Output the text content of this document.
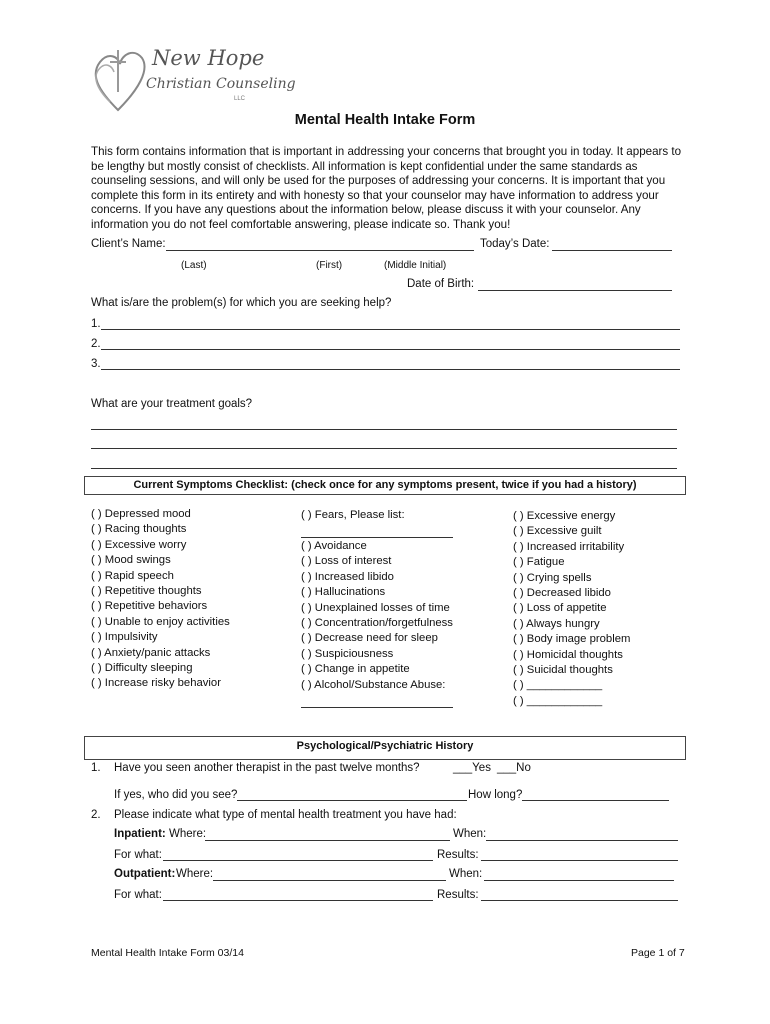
New Hope
Christian Counseling
LLC
Mental Health Intake Form
This form contains information that is important in addressing your concerns that brought you in today. It appears to be lengthy but mostly consist of checklists. All information is kept confidential under the same standards as counseling sessions, and will only be used for the purposes of addressing your concerns. It is important that you complete this form in its entirety and with honesty so that your counselor may have information to address your concerns. If you have any questions about the information below, please discuss it with your counselor. Any information you do not feel comfortable answering, please indicate so. Thank you!
Client’s Name:	Today’s Date:
(Last)	(First)	(Middle Initial)
Date of Birth:
What is/are the problem(s) for which you are seeking help?
1.
2.
3.
What are your treatment goals?
Current Symptoms Checklist: (check once for any symptoms present, twice if you had a history)
( ) Depressed mood
( ) Racing thoughts
( ) Excessive worry
( ) Mood swings
( ) Rapid speech
( ) Repetitive thoughts
( ) Repetitive behaviors
( ) Unable to enjoy activities
( ) Impulsivity
( ) Anxiety/panic attacks
( ) Difficulty sleeping
( ) Increase risky behavior
( ) Fears, Please list:
( ) Avoidance
( ) Loss of interest
( ) Increased libido
( ) Hallucinations
( ) Unexplained losses of time
( ) Concentration/forgetfulness
( ) Decrease need for sleep
( ) Suspiciousness
( ) Change in appetite
( ) Alcohol/Substance Abuse:
( ) Excessive energy
( ) Excessive guilt
( ) Increased irritability
( ) Fatigue
( ) Crying spells
( ) Decreased libido
( ) Loss of appetite
( ) Always hungry
( ) Body image problem
( ) Homicidal thoughts
( ) Suicidal thoughts
( ) ____________
( ) ____________
Psychological/Psychiatric History
1. Have you seen another therapist in the past twelve months?	___Yes ___No
If yes, who did you see?	How long?
2. Please indicate what type of mental health treatment you have had:
Inpatient: Where:	When:
For what:	Results:
Outpatient: Where:	When:
For what:	Results:
Mental Health Intake Form 03/14	Page 1 of 7
